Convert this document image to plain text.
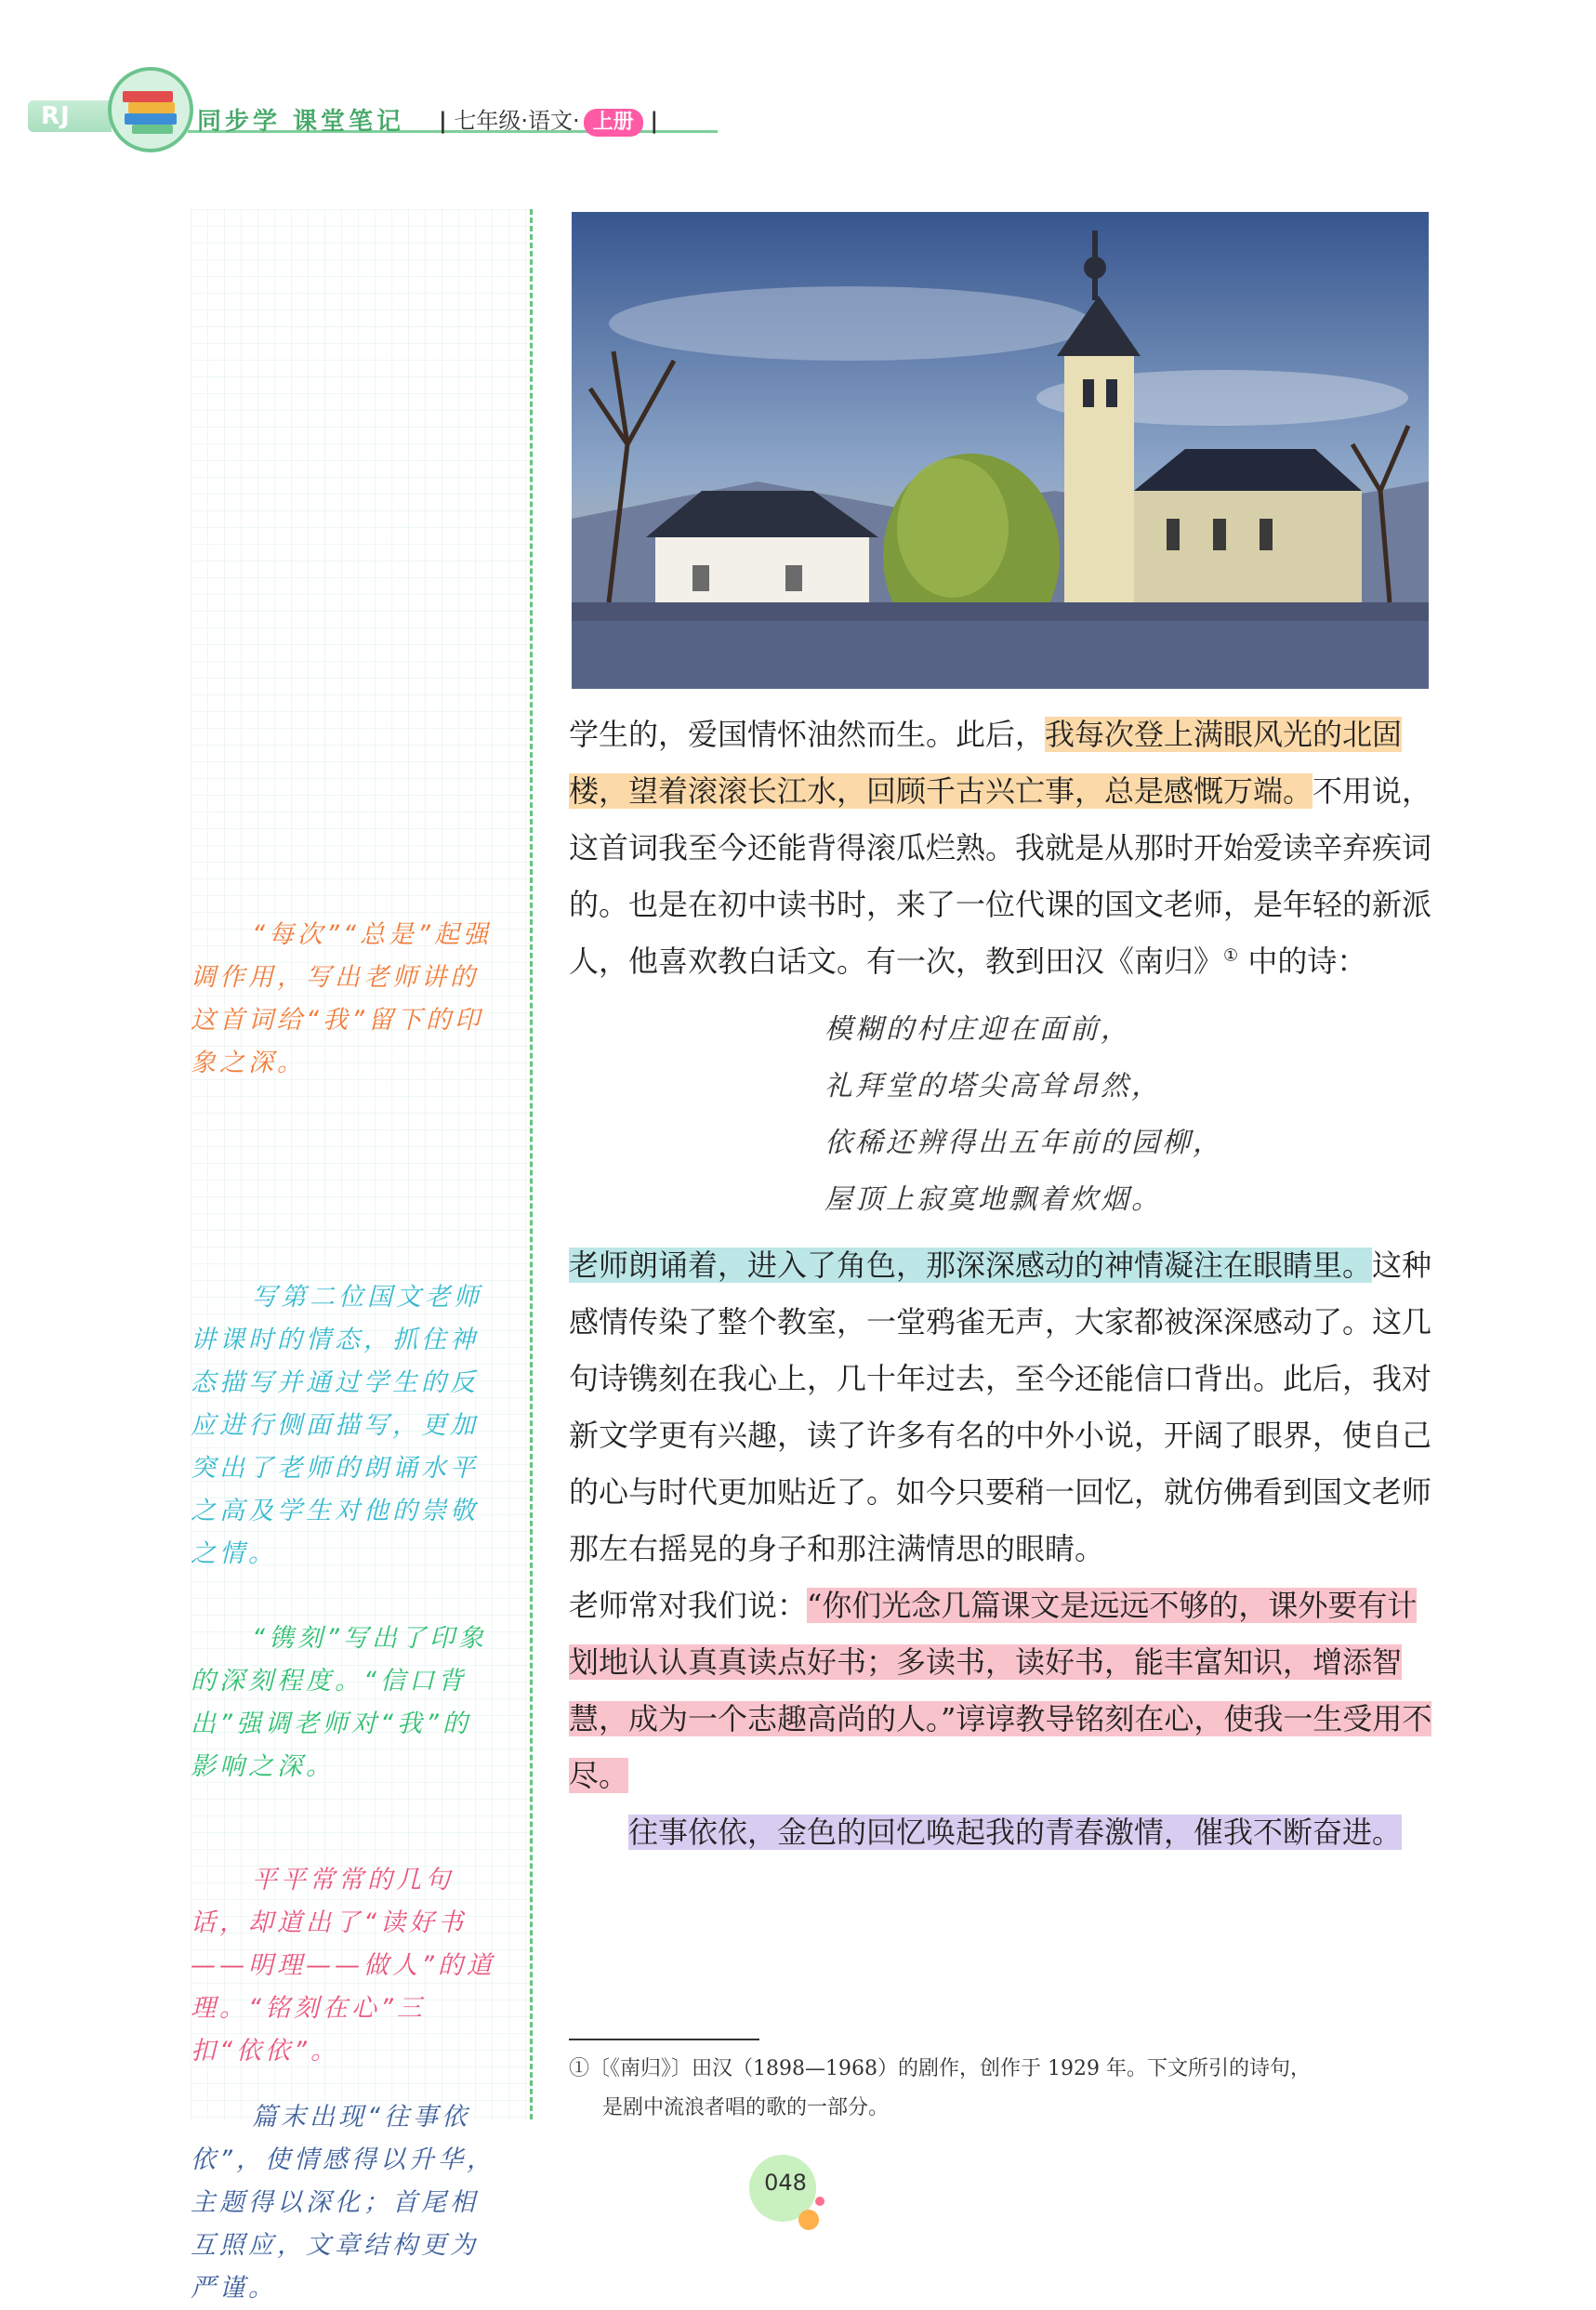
RJ	同步学 课堂笔记 | 七年级·语文· 上册 |
“每次”“总是”起强调作用，写出老师讲的这首词给“我”留下的印象之深。
写第二位国文老师讲课时的情态，抓住神态描写并通过学生的反应进行侧面描写，更加突出了老师的朗诵水平之高及学生对他的崇敬之情。
“镌刻”写出了印象的深刻程度。“信口背出”强调老师对“我”的影响之深。
平平常常的几句话，却道出了“读好书——明理——做人”的道理。“铭刻在心”三扣“依依”。
篇末出现“往事依依”，使情感得以升华，主题得以深化；首尾相互照应，文章结构更为严谨。

学生的，爱国情怀油然而生。此后，我每次登上满眼风光的北固楼，望着滚滚长江水，回顾千古兴亡事，总是感慨万端。不用说，这首词我至今还能背得滚瓜烂熟。我就是从那时开始爱读辛弃疾词的。也是在初中读书时，来了一位代课的国文老师，是年轻的新派人，他喜欢教白话文。有一次，教到田汉《南归》① 中的诗：

模糊的村庄迎在面前，
礼拜堂的塔尖高耸昂然，
依稀还辨得出五年前的园柳，
屋顶上寂寞地飘着炊烟。

老师朗诵着，进入了角色，那深深感动的神情凝注在眼睛里。这种感情传染了整个教室，一堂鸦雀无声，大家都被深深感动了。这几句诗镌刻在我心上，几十年过去，至今还能信口背出。此后，我对新文学更有兴趣，读了许多有名的中外小说，开阔了眼界，使自己的心与时代更加贴近了。如今只要稍一回忆，就仿佛看到国文老师那左右摇晃的身子和那注满情思的眼睛。

老师常对我们说：“你们光念几篇课文是远远不够的，课外要有计划地认认真真读点好书；多读书，读好书，能丰富知识，增添智慧，成为一个志趣高尚的人。”谆谆教导铭刻在心，使我一生受用不尽。

往事依依，金色的回忆唤起我的青春激情，催我不断奋进。

①〔《南归》〕田汉（1898—1968）的剧作，创作于 1929 年。下文所引的诗句，
是剧中流浪者唱的歌的一部分。
048
